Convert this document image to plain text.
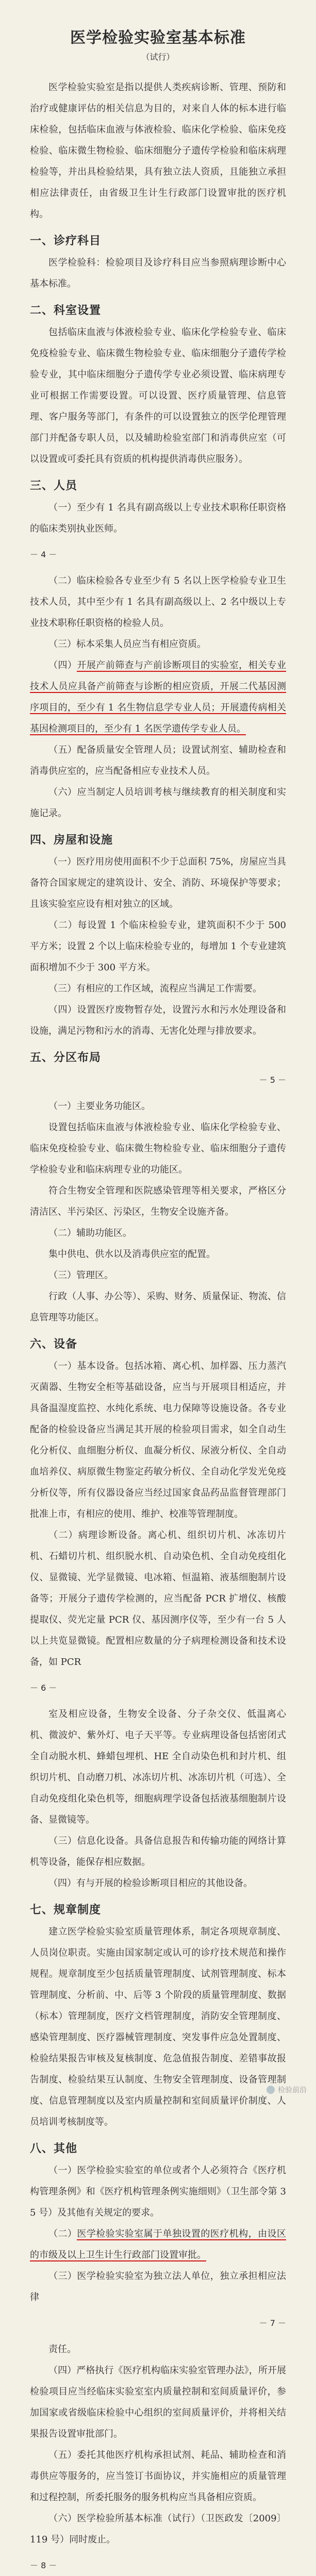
医学检验实验室基本标准
（试行）

医学检验实验室是指以提供人类疾病诊断、管理、预防和治疗或健康评估的相关信息为目的，对来自人体的标本进行临床检验，包括临床血液与体液检验、临床化学检验、临床免疫检验、临床微生物检验、临床细胞分子遗传学检验和临床病理检验等，并出具检验结果，具有独立法人资质，且能独立承担相应法律责任，由省级卫生计生行政部门设置审批的医疗机构。

一、诊疗科目

医学检验科：检验项目及诊疗科目应当参照病理诊断中心基本标准。

二、科室设置

包括临床血液与体液检验专业、临床化学检验专业、临床免疫检验专业、临床微生物检验专业、临床细胞分子遗传学检验专业，其中临床细胞分子遗传学专业必须设置、临床病理专业可根据工作需要设置。可以设置、医疗质量管理、信息管理、客户服务等部门，有条件的可以设置独立的医学伦理管理部门并配备专职人员，以及辅助检验室部门和消毒供应室（可以设置或可委托具有资质的机构提供消毒供应服务）。

三、人员

（一）至少有 1 名具有副高级以上专业技术职称任职资格的临床类别执业医师。

－ 4 －

（二）临床检验各专业至少有 5 名以上医学检验专业卫生技术人员，其中至少有 1 名具有副高级以上、2 名中级以上专业技术职称任职资格的检验人员。

（三）标本采集人员应当有相应资质。

（四）开展产前筛查与产前诊断项目的实验室，相关专业技术人员应具备产前筛查与诊断的相应资质，开展二代基因测序项目的，至少有 1 名生物信息学专业人员；开展遗传病相关基因检测项目的，至少有 1 名医学遗传学专业人员。

（五）配备质量安全管理人员；设置试剂室、辅助检查和消毒供应室的，应当配备相应专业技术人员。

（六）应当制定人员培训考核与继续教育的相关制度和实施记录。

四、房屋和设施

（一）医疗用房使用面积不少于总面积 75%，房屋应当具备符合国家规定的建筑设计、安全、消防、环境保护等要求；且该实验室应设有相对独立的区域。

（二）每设置 1 个临床检验专业，建筑面积不少于 500 平方米；设置 2 个以上临床检验专业的，每增加 1 个专业建筑面积增加不少于 300 平方米。

（三）有相应的工作区域，流程应当满足工作需要。

（四）设置医疗废物暂存处，设置污水和污水处理设备和设施，满足污物和污水的消毒、无害化处理与排放要求。

五、分区布局
－ 5 －

（一）主要业务功能区。

设置包括临床血液与体液检验专业、临床化学检验专业、临床免疫检验专业、临床微生物检验专业、临床细胞分子遗传学检验专业和临床病理专业的功能区。

符合生物安全管理和医院感染管理等相关要求，严格区分清洁区、半污染区、污染区，生物安全设施齐备。

（二）辅助功能区。

集中供电、供水以及消毒供应室的配置。

（三）管理区。

行政（人事、办公等）、采购、财务、质量保证、物流、信息管理等功能区。

六、设备

（一）基本设备。包括冰箱、离心机、加样器、压力蒸汽灭菌器、生物安全柜等基础设备，应当与开展项目相适应，并具备温湿度监控、水纯化系统、电力保障等设施设备。各专业配备的检验设备应当满足其开展的检验项目需求，如全自动生化分析仪、血细胞分析仪、血凝分析仪、尿液分析仪、全自动血培养仪、病原微生物鉴定药敏分析仪、全自动化学发光免疫分析仪等，所有仪器设备应当经过国家食品药品监督管理部门批准上市，有相应的使用、维护、校准等管理制度。

（二）病理诊断设备。离心机、组织切片机、冰冻切片机、石蜡切片机、组织脱水机、自动染色机、全自动免疫组化仪、显微镜、光学显微镜、电冰箱、恒温箱、液基细胞制片设备等；开展分子遗传学检测的，应当配备 PCR 扩增仪、核酸提取仪、荧光定量 PCR 仪、基因测序仪等，至少有一台 5 人以上共览显微镜。配置相应数量的分子病理检测设备和技术设备，如 PCR

－ 6 －

室及相应设备，生物安全设备、分子杂交仪、低温离心机、微波炉、紫外灯、电子天平等。专业病理设备包括密闭式全自动脱水机、蜂蜡包埋机、HE 全自动染色机和封片机、组织切片机、自动磨刀机、冰冻切片机、冰冻切片机（可选）、全自动免疫组化染色机等，细胞病理学设备包括液基细胞制片设备、显微镜等。

（三）信息化设备。具备信息报告和传输功能的网络计算机等设备，能保存相应数据。

（四）有与开展的检验诊断项目相应的其他设备。

七、规章制度

建立医学检验实验室质量管理体系，制定各项规章制度、人员岗位职责。实施由国家制定或认可的诊疗技术规范和操作规程。规章制度至少包括质量管理制度、试剂管理制度、标本管理制度、分析前、中、后等 3 个阶段的质量管理制度、数据（标本）管理制度，医疗文档管理制度，消防安全管理制度、感染管理制度、医疗器械管理制度、突发事件应急处置制度、检验结果报告审核及复核制度、危急值报告制度、差错事故报告制度、检验结果互认制度、生物安全管理制度、设备管理制度、信息管理制度以及室内质量控制和室间质量评价制度、人员培训考核制度等。

八、其他

（一）医学检验实验室的单位或者个人必须符合《医疗机构管理条例》和《医疗机构管理条例实施细则》（卫生部令第 35 号）及其他有关规定的要求。

（二）医学检验实验室属于单独设置的医疗机构，由设区的市级及以上卫生计生行政部门设置审批。

（三）医学检验实验室为独立法人单位，独立承担相应法律

－ 7 －

责任。

（四）严格执行《医疗机构临床实验室管理办法》，所开展检验项目应当经临床实验室室内质量控制和室间质量评价，参加国家或省级临床检验中心组织的室间质量评价，并将相关结果报告设置审批部门。

（五）委托其他医疗机构承担试剂、耗品、辅助检查和消毒供应等服务的，应当签订书面协议，并实施相应的质量管理和过程控制，所委托服务的服务机构应当具备相应资质。

（六）医学检验所基本标准（试行）（卫医政发〔2009〕119 号）同时废止。

－ 8 －
检验前沿
